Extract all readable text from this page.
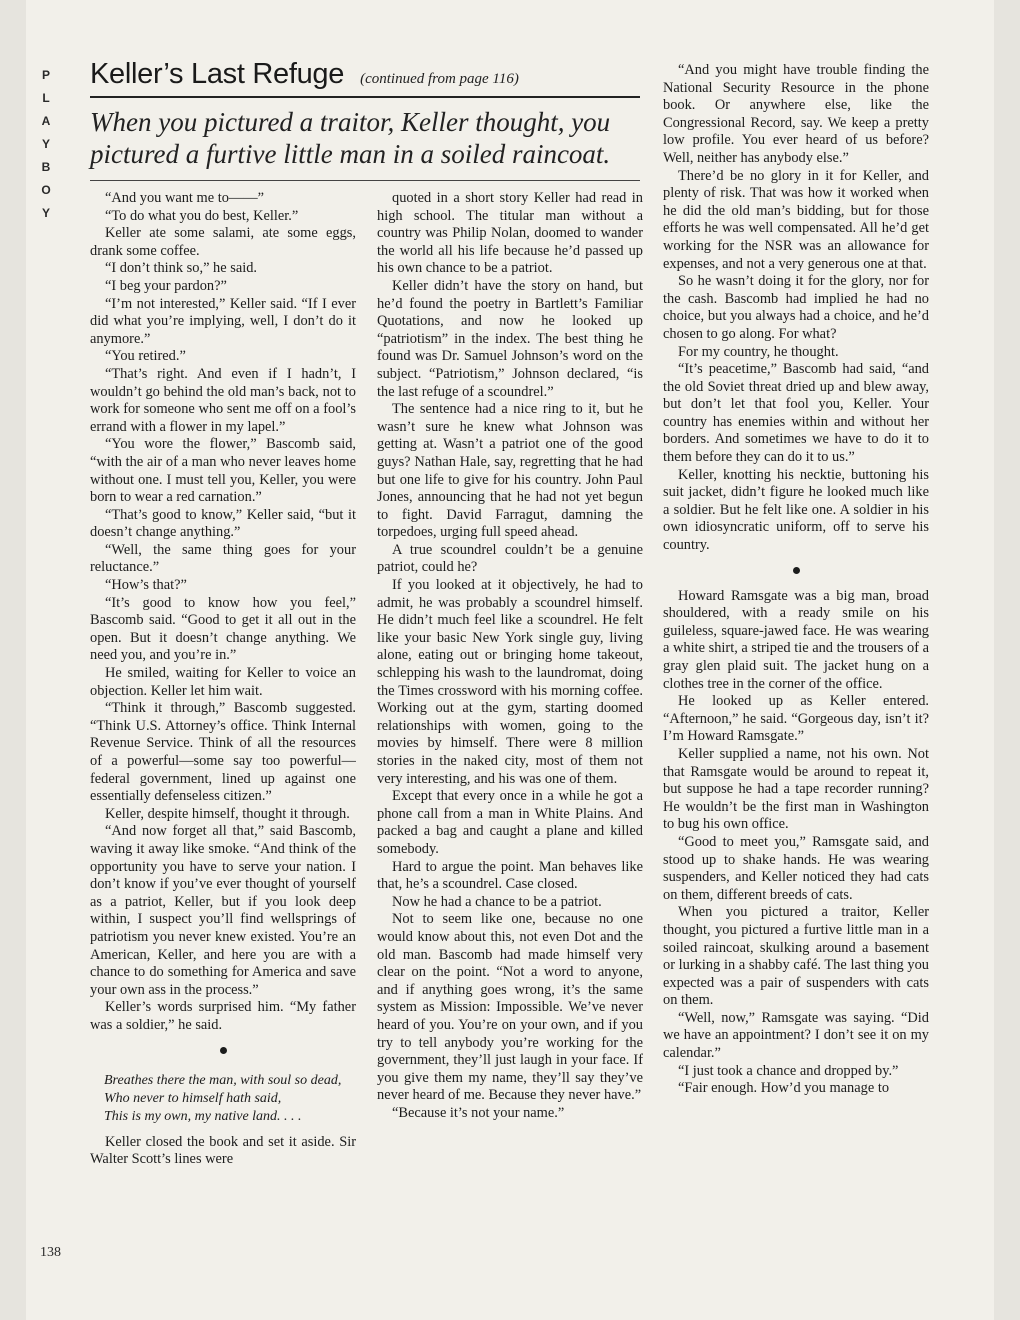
P
L
A
Y
B
O
Y
138
Keller’s Last Refuge (continued from page 116)
When you pictured a traitor, Keller thought, you pictured a furtive little man in a soiled raincoat.

“And you want me to——”

“To do what you do best, Keller.”

Keller ate some salami, ate some eggs, drank some coffee.

“I don’t think so,” he said.

“I beg your pardon?”

“I’m not interested,” Keller said. “If I ever did what you’re implying, well, I don’t do it anymore.”

“You retired.”

“That’s right. And even if I hadn’t, I wouldn’t go behind the old man’s back, not to work for someone who sent me off on a fool’s errand with a flower in my lapel.”

“You wore the flower,” Bascomb said, “with the air of a man who never leaves home without one. I must tell you, Keller, you were born to wear a red carnation.”

“That’s good to know,” Keller said, “but it doesn’t change anything.”

“Well, the same thing goes for your reluctance.”

“How’s that?”

“It’s good to know how you feel,” Bascomb said. “Good to get it all out in the open. But it doesn’t change anything. We need you, and you’re in.”

He smiled, waiting for Keller to voice an objection. Keller let him wait.

“Think it through,” Bascomb suggested. “Think U.S. Attorney’s office. Think Internal Revenue Service. Think of all the resources of a powerful—some say too powerful—federal government, lined up against one essentially defenseless citizen.”

Keller, despite himself, thought it through.

“And now forget all that,” said Bascomb, waving it away like smoke. “And think of the opportunity you have to serve your nation. I don’t know if you’ve ever thought of yourself as a patriot, Keller, but if you look deep within, I suspect you’ll find wellsprings of patriotism you never knew existed. You’re an American, Keller, and here you are with a chance to do something for America and save your own ass in the process.”

Keller’s words surprised him. “My father was a soldier,” he said.

Breathes there the man, with soul so dead,
Who never to himself hath said,
This is my own, my native land. . . .

Keller closed the book and set it aside. Sir Walter Scott’s lines were

quoted in a short story Keller had read in high school. The titular man without a country was Philip Nolan, doomed to wander the world all his life because he’d passed up his own chance to be a patriot.

Keller didn’t have the story on hand, but he’d found the poetry in Bartlett’s Familiar Quotations, and now he looked up “patriotism” in the index. The best thing he found was Dr. Samuel Johnson’s word on the subject. “Patriotism,” Johnson declared, “is the last refuge of a scoundrel.”

The sentence had a nice ring to it, but he wasn’t sure he knew what Johnson was getting at. Wasn’t a patriot one of the good guys? Nathan Hale, say, regretting that he had but one life to give for his country. John Paul Jones, announcing that he had not yet begun to fight. David Farragut, damning the torpedoes, urging full speed ahead.

A true scoundrel couldn’t be a genuine patriot, could he?

If you looked at it objectively, he had to admit, he was probably a scoundrel himself. He didn’t much feel like a scoundrel. He felt like your basic New York single guy, living alone, eating out or bringing home takeout, schlepping his wash to the laundromat, doing the Times crossword with his morning coffee. Working out at the gym, starting doomed relationships with women, going to the movies by himself. There were 8 million stories in the naked city, most of them not very interesting, and his was one of them.

Except that every once in a while he got a phone call from a man in White Plains. And packed a bag and caught a plane and killed somebody.

Hard to argue the point. Man behaves like that, he’s a scoundrel. Case closed.

Now he had a chance to be a patriot.

Not to seem like one, because no one would know about this, not even Dot and the old man. Bascomb had made himself very clear on the point. “Not a word to anyone, and if anything goes wrong, it’s the same system as Mission: Impossible. We’ve never heard of you. You’re on your own, and if you try to tell anybody you’re working for the government, they’ll just laugh in your face. If you give them my name, they’ll say they’ve never heard of me. Because they never have.”

“Because it’s not your name.”

“And you might have trouble finding the National Security Resource in the phone book. Or anywhere else, like the Congressional Record, say. We keep a pretty low profile. You ever heard of us before? Well, neither has anybody else.”

There’d be no glory in it for Keller, and plenty of risk. That was how it worked when he did the old man’s bidding, but for those efforts he was well compensated. All he’d get working for the NSR was an allowance for expenses, and not a very generous one at that.

So he wasn’t doing it for the glory, nor for the cash. Bascomb had implied he had no choice, but you always had a choice, and he’d chosen to go along. For what?

For my country, he thought.

“It’s peacetime,” Bascomb had said, “and the old Soviet threat dried up and blew away, but don’t let that fool you, Keller. Your country has enemies within and without her borders. And sometimes we have to do it to them before they can do it to us.”

Keller, knotting his necktie, buttoning his suit jacket, didn’t figure he looked much like a soldier. But he felt like one. A soldier in his own idiosyncratic uniform, off to serve his country.

Howard Ramsgate was a big man, broad shouldered, with a ready smile on his guileless, square-jawed face. He was wearing a white shirt, a striped tie and the trousers of a gray glen plaid suit. The jacket hung on a clothes tree in the corner of the office.

He looked up as Keller entered. “Afternoon,” he said. “Gorgeous day, isn’t it? I’m Howard Ramsgate.”

Keller supplied a name, not his own. Not that Ramsgate would be around to repeat it, but suppose he had a tape recorder running? He wouldn’t be the first man in Washington to bug his own office.

“Good to meet you,” Ramsgate said, and stood up to shake hands. He was wearing suspenders, and Keller noticed they had cats on them, different breeds of cats.

When you pictured a traitor, Keller thought, you pictured a furtive little man in a soiled raincoat, skulking around a basement or lurking in a shabby café. The last thing you expected was a pair of suspenders with cats on them.

“Well, now,” Ramsgate was saying. “Did we have an appointment? I don’t see it on my calendar.”

“I just took a chance and dropped by.”

“Fair enough. How’d you manage to
